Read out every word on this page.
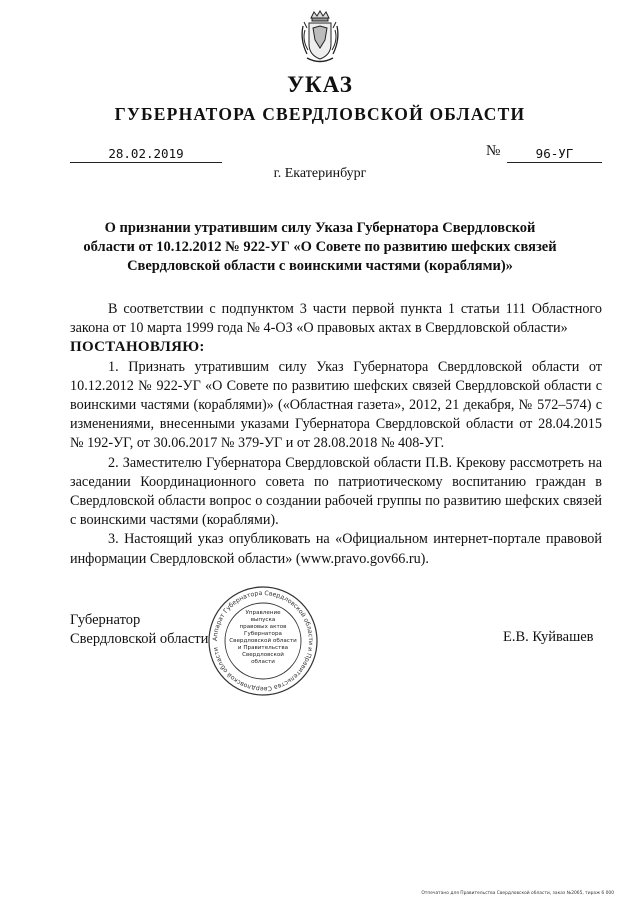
УКАЗ
ГУБЕРНАТОРА СВЕРДЛОВСКОЙ ОБЛАСТИ
28.02.2019	№	96-УГ
г. Екатеринбург
О признании утратившим силу Указа Губернатора Свердловской области от 10.12.2012 № 922-УГ «О Совете по развитию шефских связей Свердловской области с воинскими частями (кораблями)»

В соответствии с подпунктом 3 части первой пункта 1 статьи 111 Областного закона от 10 марта 1999 года № 4-ОЗ «О правовых актах в Свердловской области»

ПОСТАНОВЛЯЮ:

1. Признать утратившим силу Указ Губернатора Свердловской области от 10.12.2012 № 922-УГ «О Совете по развитию шефских связей Свердловской области с воинскими частями (кораблями)» («Областная газета», 2012, 21 декабря, № 572–574) с изменениями, внесенными указами Губернатора Свердловской области от 28.04.2015 № 192-УГ, от 30.06.2017 № 379-УГ и от 28.08.2018 № 408-УГ.

2. Заместителю Губернатора Свердловской области П.В. Крекову рассмотреть на заседании Координационного совета по патриотическому воспитанию граждан в Свердловской области вопрос о создании рабочей группы по развитию шефских связей с воинскими частями (кораблями).

3. Настоящий указ опубликовать на «Официальном интернет-портале правовой информации Свердловской области» (www.pravo.gov66.ru).

Губернатор
Свердловской области	Е.В. Куйвашев
Аппарат Губернатора Свердловской области и Правительства Свердловской области
Управление
выпуска
правовых актов
Губернатора
Свердловской области
и Правительства
Свердловской
области
Отпечатано для Правительства Свердловской области, заказ №2065, тираж 6 000
